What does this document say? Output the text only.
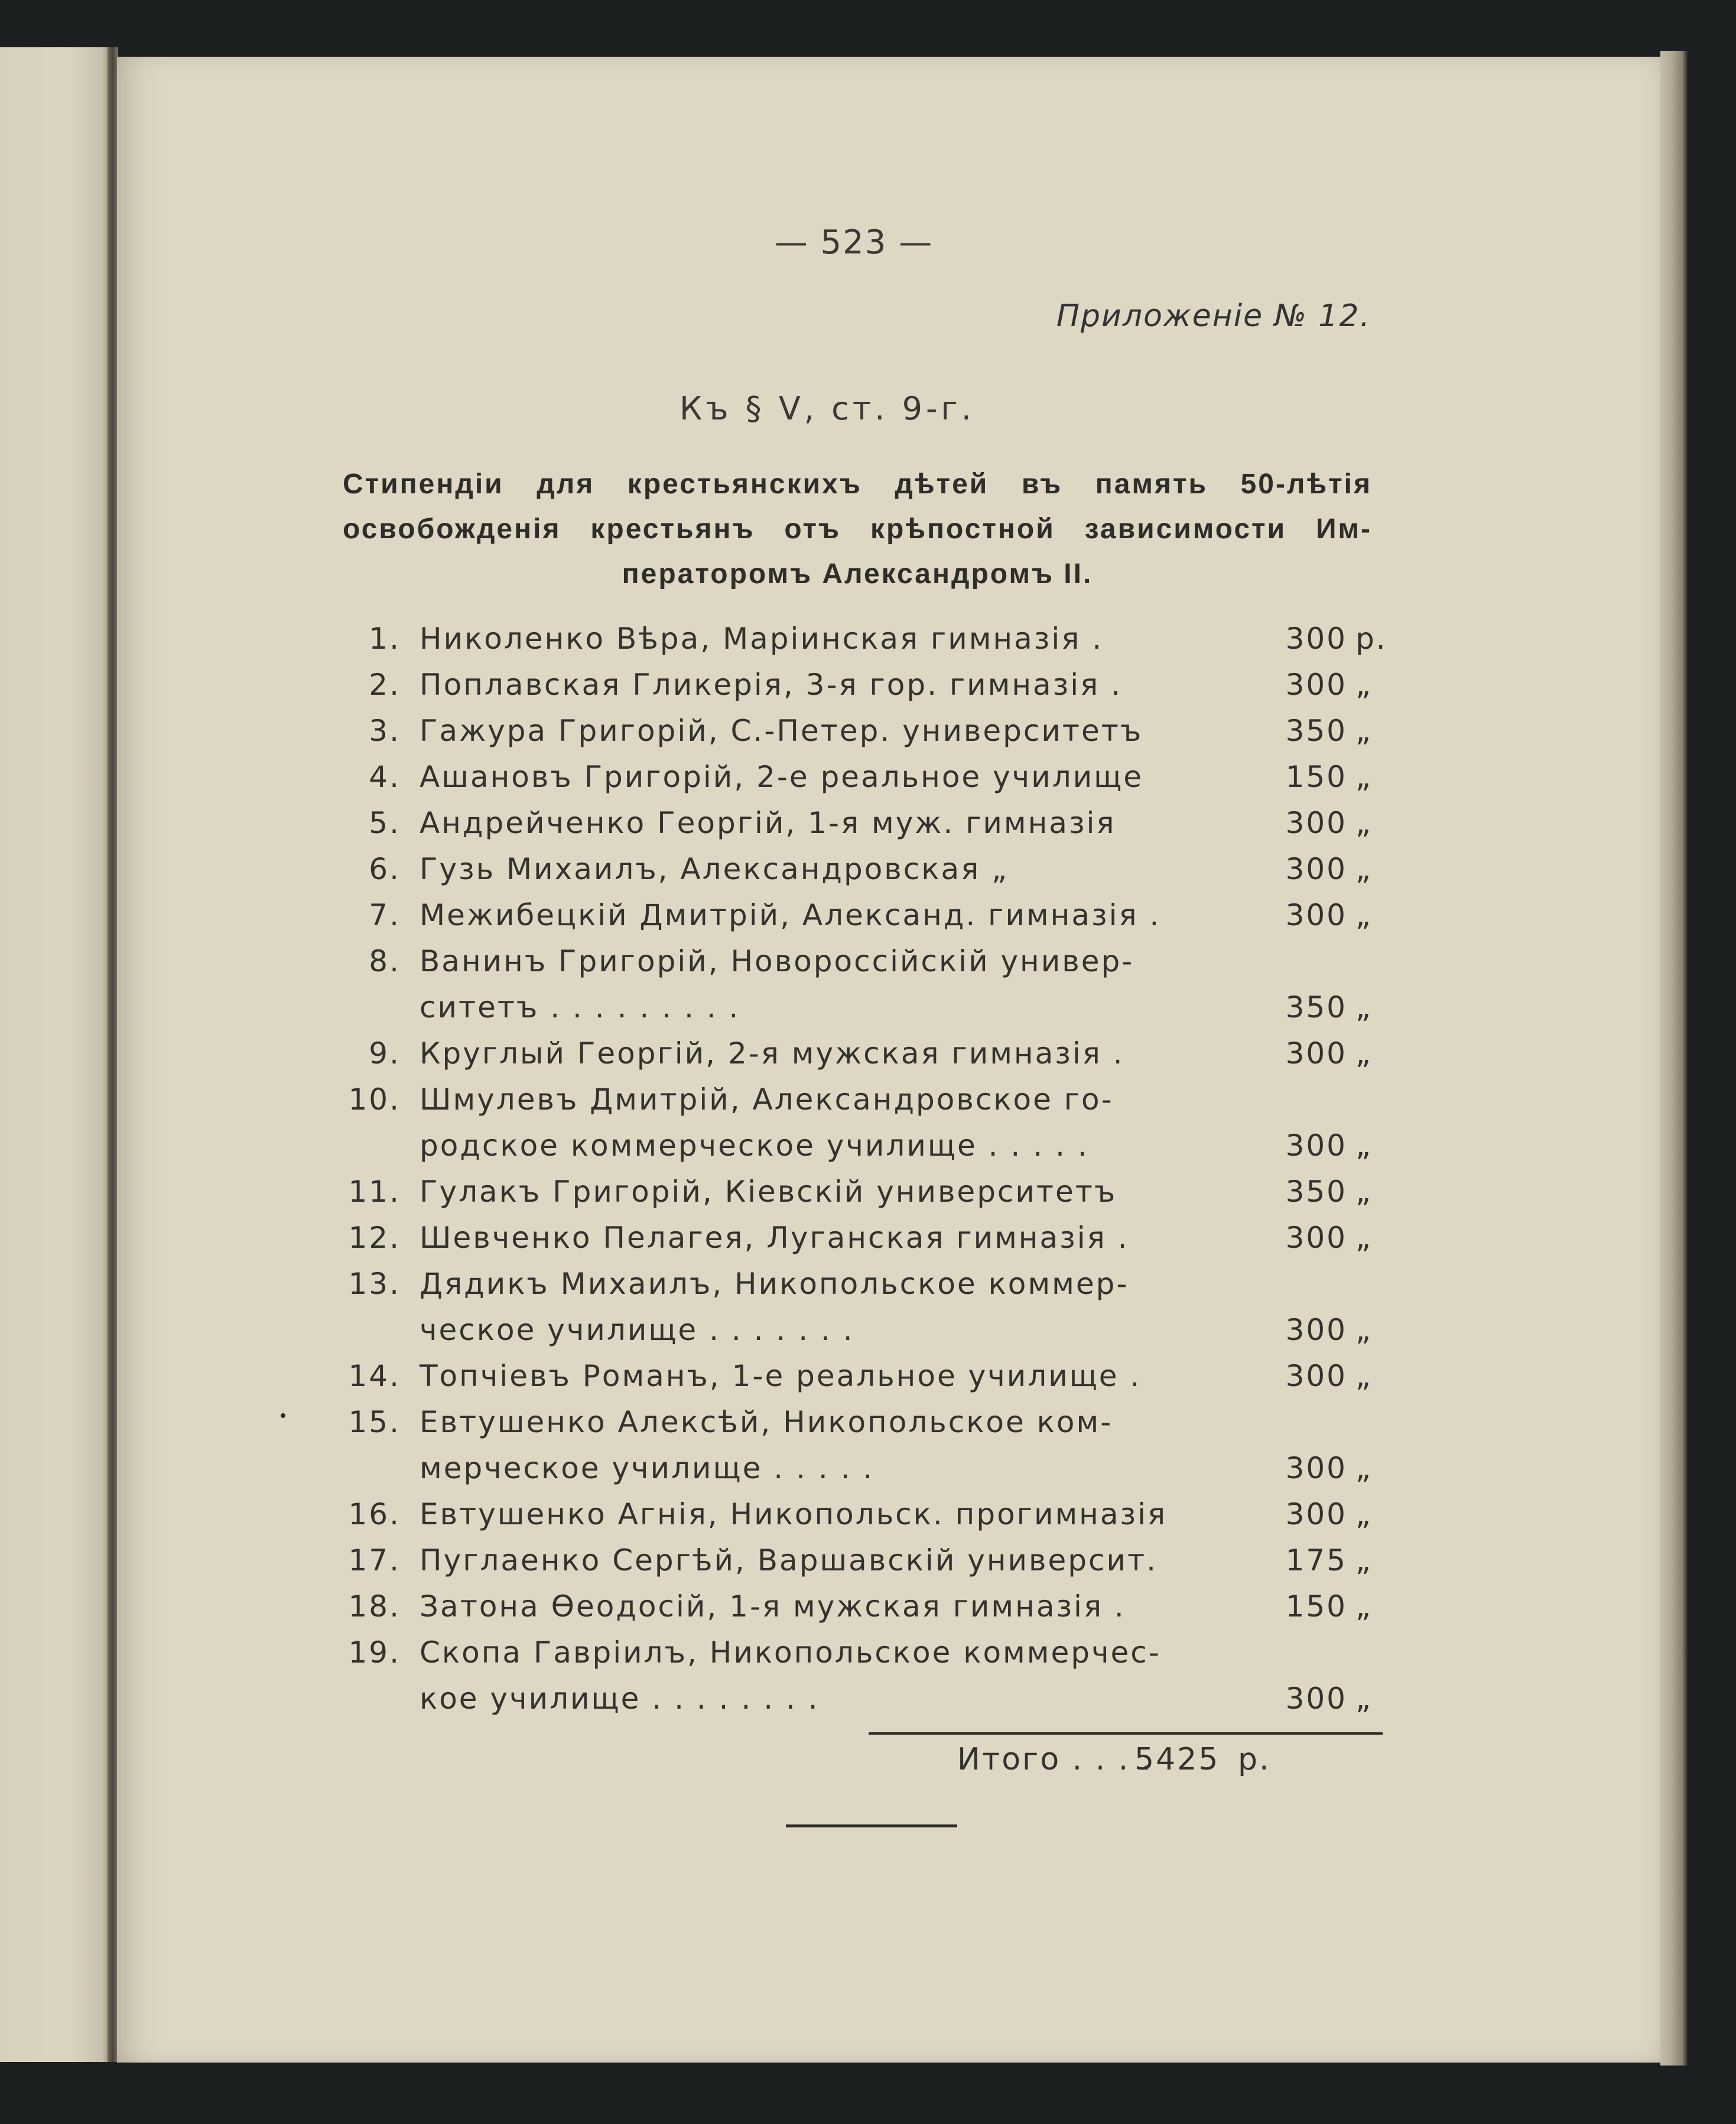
— 523 —
Приложеніе № 12.
Къ § V, ст. 9-г.
Стипендіи для крестьянскихъ дѣтей въ память 50-лѣтія
освобожденія крестьянъ отъ крѣпостной зависимости Им-
ператоромъ Александромъ II.
1. Николенко Вѣра, Маріинская гимназія .	300 р.
2. Поплавская Гликерія, 3-я гор. гимназія .	300 „
3. Гажура Григорій, С.-Петер. университетъ	350 „
4. Ашановъ Григорій, 2-е реальное училище	150 „
5. Андрейченко Георгій, 1-я муж. гимназія	300 „
6. Гузь Михаилъ, Александровская „	300 „
7. Межибецкій Дмитрій, Александ. гимназія .	300 „
8. Ванинъ Григорій, Новороссійскій универ-
ситетъ . . . . . . . . .	350 „
9. Круглый Георгій, 2-я мужская гимназія .	300 „
10. Шмулевъ Дмитрій, Александровское го-
родское коммерческое училище . . . . .	300 „
11. Гулакъ Григорій, Кіевскій университетъ	350 „
12. Шевченко Пелагея, Луганская гимназія .	300 „
13. Дядикъ Михаилъ, Никопольское коммер-
ческое училище . . . . . . .	300 „
14. Топчіевъ Романъ, 1-е реальное училище .	300 „
15. Евтушенко Алексѣй, Никопольское ком-
мерческое училище . . . . .	300 „
16. Евтушенко Агнія, Никопольск. прогимназія	300 „
17. Пуглаенко Сергѣй, Варшавскій университ.	175 „
18. Затона Өеодосій, 1-я мужская гимназія .	150 „
19. Скопа Гавріилъ, Никопольское коммерчес-
кое училище . . . . . . . .	300 „
Итого . . . .
5425 р.
